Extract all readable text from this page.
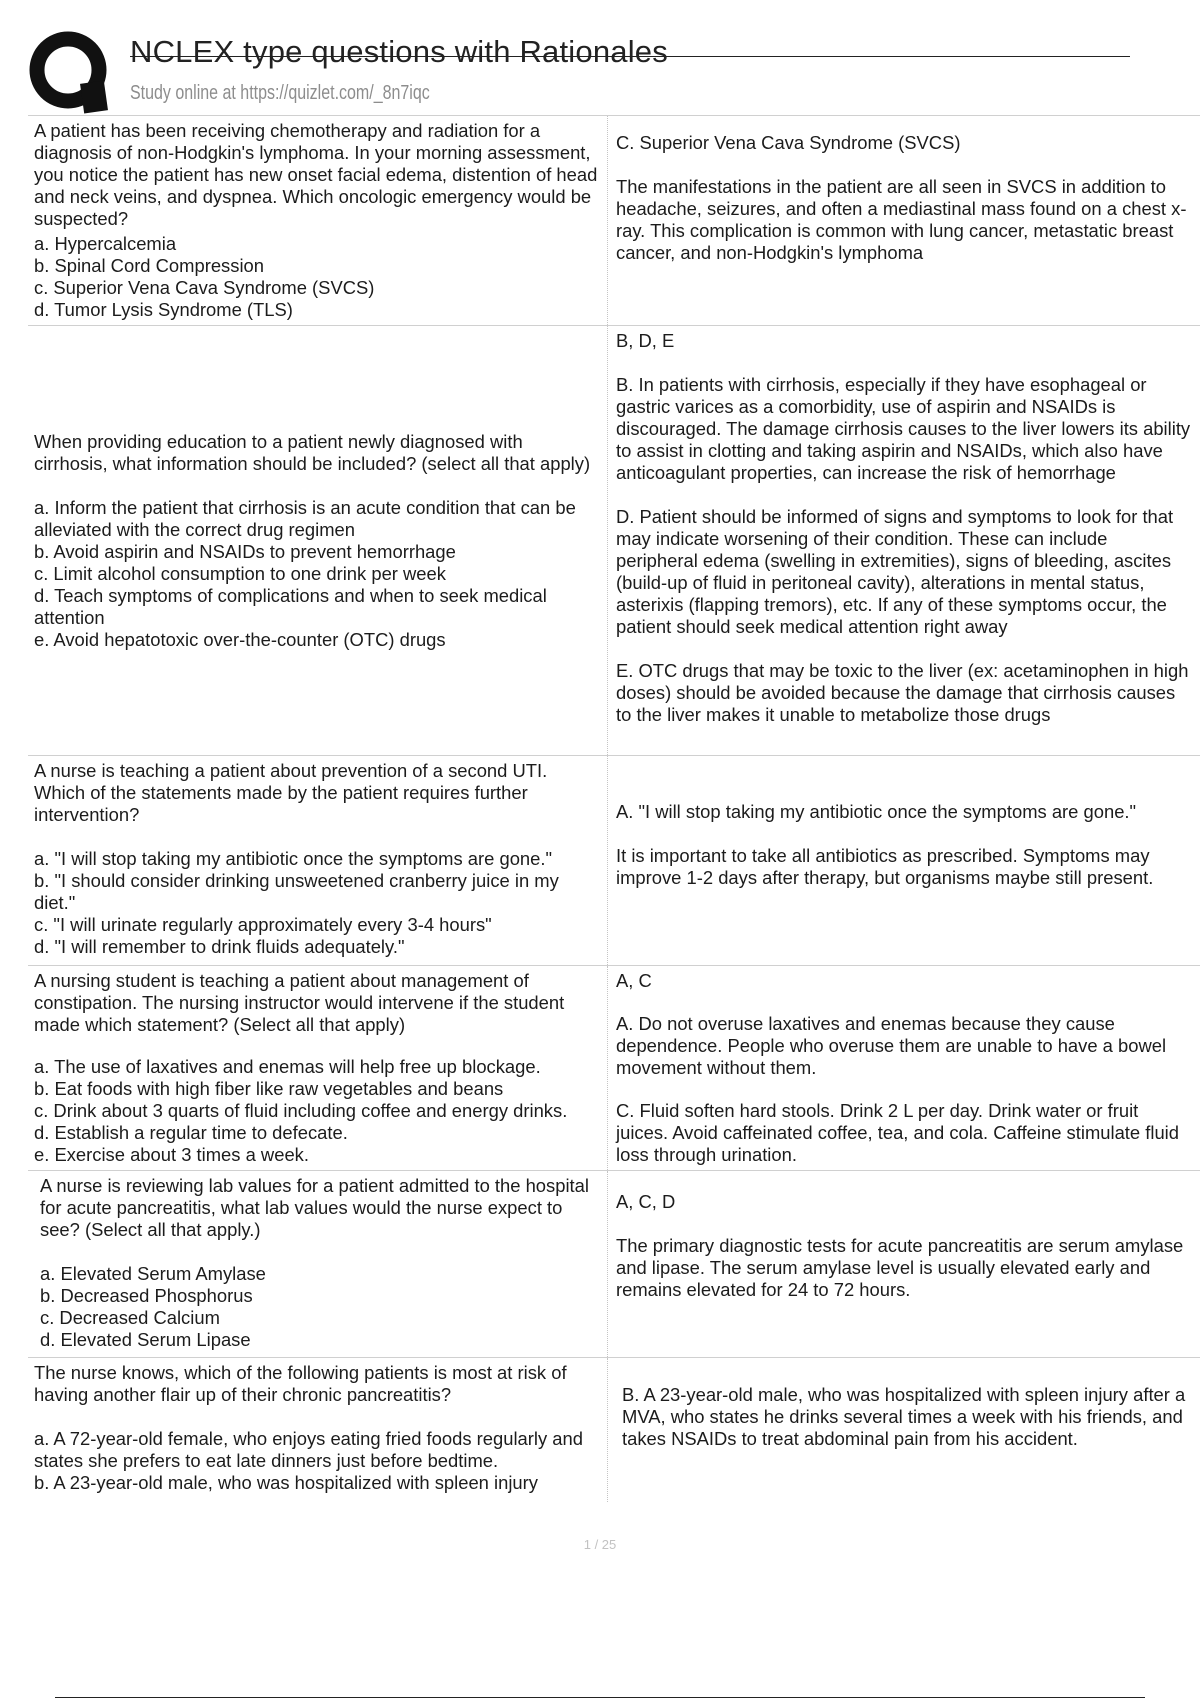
NCLEX type questions with Rationales
Study online at https://quizlet.com/_8n7iqc

A patient has been receiving chemotherapy and radiation for a diagnosis of non-Hodgkin's lymphoma. In your morning assessment, you notice the patient has new onset facial edema, distention of head and neck veins, and dyspnea. Which oncologic emergency would be suspected?

a. Hypercalcemia

b. Spinal Cord Compression

c. Superior Vena Cava Syndrome (SVCS)

d. Tumor Lysis Syndrome (TLS)

C. Superior Vena Cava Syndrome (SVCS)

The manifestations in the patient are all seen in SVCS in addition to headache, seizures, and often a mediastinal mass found on a chest x-ray. This complication is common with lung cancer, metastatic breast cancer, and non-Hodgkin's lymphoma

When providing education to a patient newly diagnosed with cirrhosis, what information should be included? (select all that apply)

a. Inform the patient that cirrhosis is an acute condition that can be alleviated with the correct drug regimen

b. Avoid aspirin and NSAIDs to prevent hemorrhage

c. Limit alcohol consumption to one drink per week

d. Teach symptoms of complications and when to seek medical attention

e. Avoid hepatotoxic over-the-counter (OTC) drugs

B, D, E

B. In patients with cirrhosis, especially if they have esophageal or gastric varices as a comorbidity, use of aspirin and NSAIDs is discouraged. The damage cirrhosis causes to the liver lowers its ability to assist in clotting and taking aspirin and NSAIDs, which also have anticoagulant properties, can increase the risk of hemorrhage

D. Patient should be informed of signs and symptoms to look for that may indicate worsening of their condition. These can include peripheral edema (swelling in extremities), signs of bleeding, ascites (build-up of fluid in peritoneal cavity), alterations in mental status, asterixis (flapping tremors), etc. If any of these symptoms occur, the patient should seek medical attention right away

E. OTC drugs that may be toxic to the liver (ex: acetaminophen in high doses) should be avoided because the damage that cirrhosis causes to the liver makes it unable to metabolize those drugs

A nurse is teaching a patient about prevention of a second UTI. Which of the statements made by the patient requires further intervention?

a. "I will stop taking my antibiotic once the symptoms are gone."

b. "I should consider drinking unsweetened cranberry juice in my diet."

c. "I will urinate regularly approximately every 3-4 hours"

d. "I will remember to drink fluids adequately."

A. "I will stop taking my antibiotic once the symptoms are gone."

It is important to take all antibiotics as prescribed. Symptoms may improve 1-2 days after therapy, but organisms maybe still present.

A nursing student is teaching a patient about management of constipation. The nursing instructor would intervene if the student made which statement? (Select all that apply)

a. The use of laxatives and enemas will help free up blockage.

b. Eat foods with high fiber like raw vegetables and beans

c. Drink about 3 quarts of fluid including coffee and energy drinks.

d. Establish a regular time to defecate.

e. Exercise about 3 times a week.

A, C

A. Do not overuse laxatives and enemas because they cause dependence. People who overuse them are unable to have a bowel movement without them.

C. Fluid soften hard stools. Drink 2 L per day. Drink water or fruit juices. Avoid caffeinated coffee, tea, and cola. Caffeine stimulate fluid loss through urination.

A nurse is reviewing lab values for a patient admitted to the hospital for acute pancreatitis, what lab values would the nurse expect to see? (Select all that apply.)

a. Elevated Serum Amylase

b. Decreased Phosphorus

c. Decreased Calcium

d. Elevated Serum Lipase

A, C, D

The primary diagnostic tests for acute pancreatitis are serum amylase and lipase. The serum amylase level is usually elevated early and remains elevated for 24 to 72 hours.

The nurse knows, which of the following patients is most at risk of having another flair up of their chronic pancreatitis?

a. A 72-year-old female, who enjoys eating fried foods regularly and states she prefers to eat late dinners just before bedtime.

b. A 23-year-old male, who was hospitalized with spleen injury

B. A 23-year-old male, who was hospitalized with spleen injury after a MVA, who states he drinks several times a week with his friends, and takes NSAIDs to treat abdominal pain from his accident.

1 / 25
